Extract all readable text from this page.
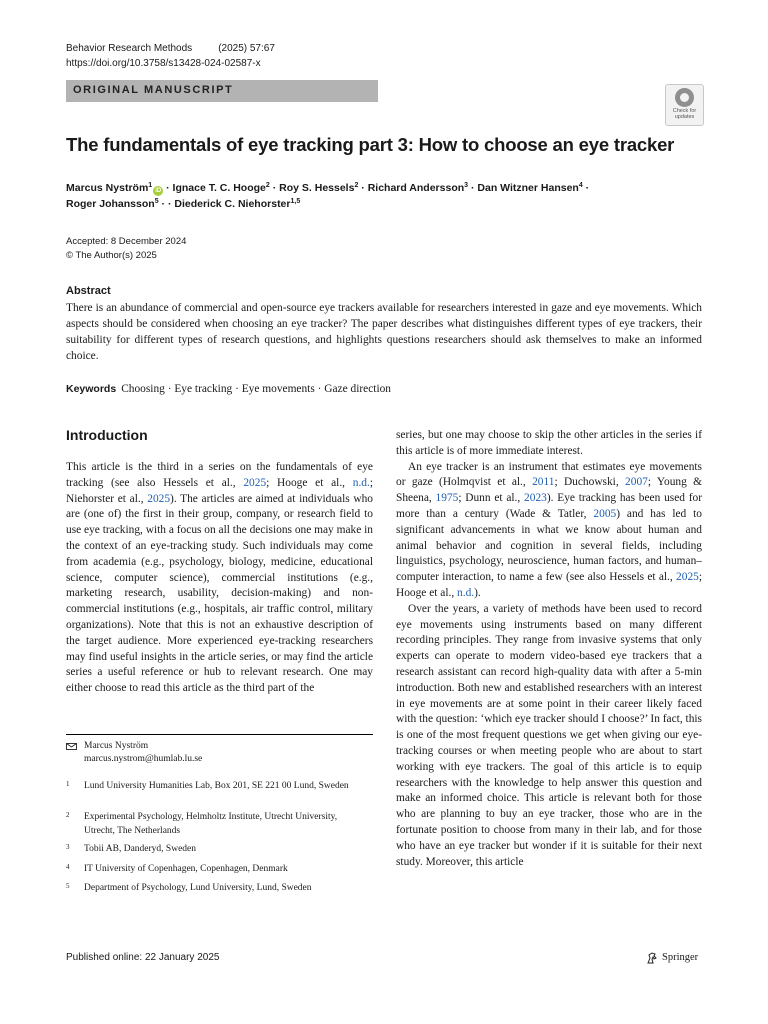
Behavior Research Methods	(2025) 57:67
https://doi.org/10.3758/s13428-024-02587-x
ORIGINAL MANUSCRIPT
Check for updates
The fundamentals of eye tracking part 3: How to choose an eye tracker
Marcus Nyström$^1$iD · Ignace T. C. Hooge$^2$ · Roy S. Hessels$^2$ · Richard Andersson$^3$ · Dan Witzner Hansen$^4$ ·
Roger Johansson$^5$ · · Diederick C. Niehorster$^{1,5}$
Accepted: 8 December 2024
© The Author(s) 2025
Abstract
There is an abundance of commercial and open-source eye trackers available for researchers interested in gaze and eye movements. Which aspects should be considered when choosing an eye tracker? The paper describes what distinguishes different types of eye trackers, their suitability for different types of research questions, and highlights questions researchers should ask themselves to make an informed choice.
Keywords Choosing · Eye tracking · Eye movements · Gaze direction
Introduction

This article is the third in a series on the fundamentals of eye tracking (see also Hessels et al., 2025; Hooge et al., n.d.; Niehorster et al., 2025). The articles are aimed at individuals who are (one of) the first in their group, company, or research field to use eye tracking, with a focus on all the decisions one may make in the context of an eye-tracking study. Such individuals may come from academia (e.g., psychology, biology, medicine, educational science, computer science), commercial institutions (e.g., marketing research, usability, decision-making) and non-commercial institutions (e.g., hospitals, air traffic control, military organizations). Note that this is not an exhaustive description of the target audience. More experienced eye-tracking researchers may find useful insights in the article series, or may find the article series a useful reference or hub to relevant research. One may either choose to read this article as the third part of the

Marcus Nyström
marcus.nystrom@humlab.lu.se
1 Lund University Humanities Lab, Box 201, SE 221 00 Lund, Sweden
2 Experimental Psychology, Helmholtz Institute, Utrecht University, Utrecht, The Netherlands
3 Tobii AB, Danderyd, Sweden
4 IT University of Copenhagen, Copenhagen, Denmark
5 Department of Psychology, Lund University, Lund, Sweden

series, but one may choose to skip the other articles in the series if this article is of more immediate interest.

An eye tracker is an instrument that estimates eye movements or gaze (Holmqvist et al., 2011; Duchowski, 2007; Young & Sheena, 1975; Dunn et al., 2023). Eye tracking has been used for more than a century (Wade & Tatler, 2005) and has led to significant advancements in what we know about human and animal behavior and cognition in several fields, including linguistics, psychology, neuroscience, human factors, and human–computer interaction, to name a few (see also Hessels et al., 2025; Hooge et al., n.d.).

Over the years, a variety of methods have been used to record eye movements using instruments based on many different recording principles. They range from invasive systems that only experts can operate to modern video-based eye trackers that a research assistant can record high-quality data with after a 5-min introduction. Both new and established researchers with an interest in eye movements are at some point in their career likely faced with the question: ‘which eye tracker should I choose?’ In fact, this is one of the most frequent questions we get when giving our eye-tracking courses or when meeting people who are about to start working with eye trackers. The goal of this article is to equip researchers with the knowledge to help answer this question and make an informed choice. This article is relevant both for those who are planning to buy an eye tracker, those who are in the fortunate position to choose from many in their lab, and for those who have an eye tracker but wonder if it is suitable for their next study. Moreover, this article

Published online: 22 January 2025	Springer
